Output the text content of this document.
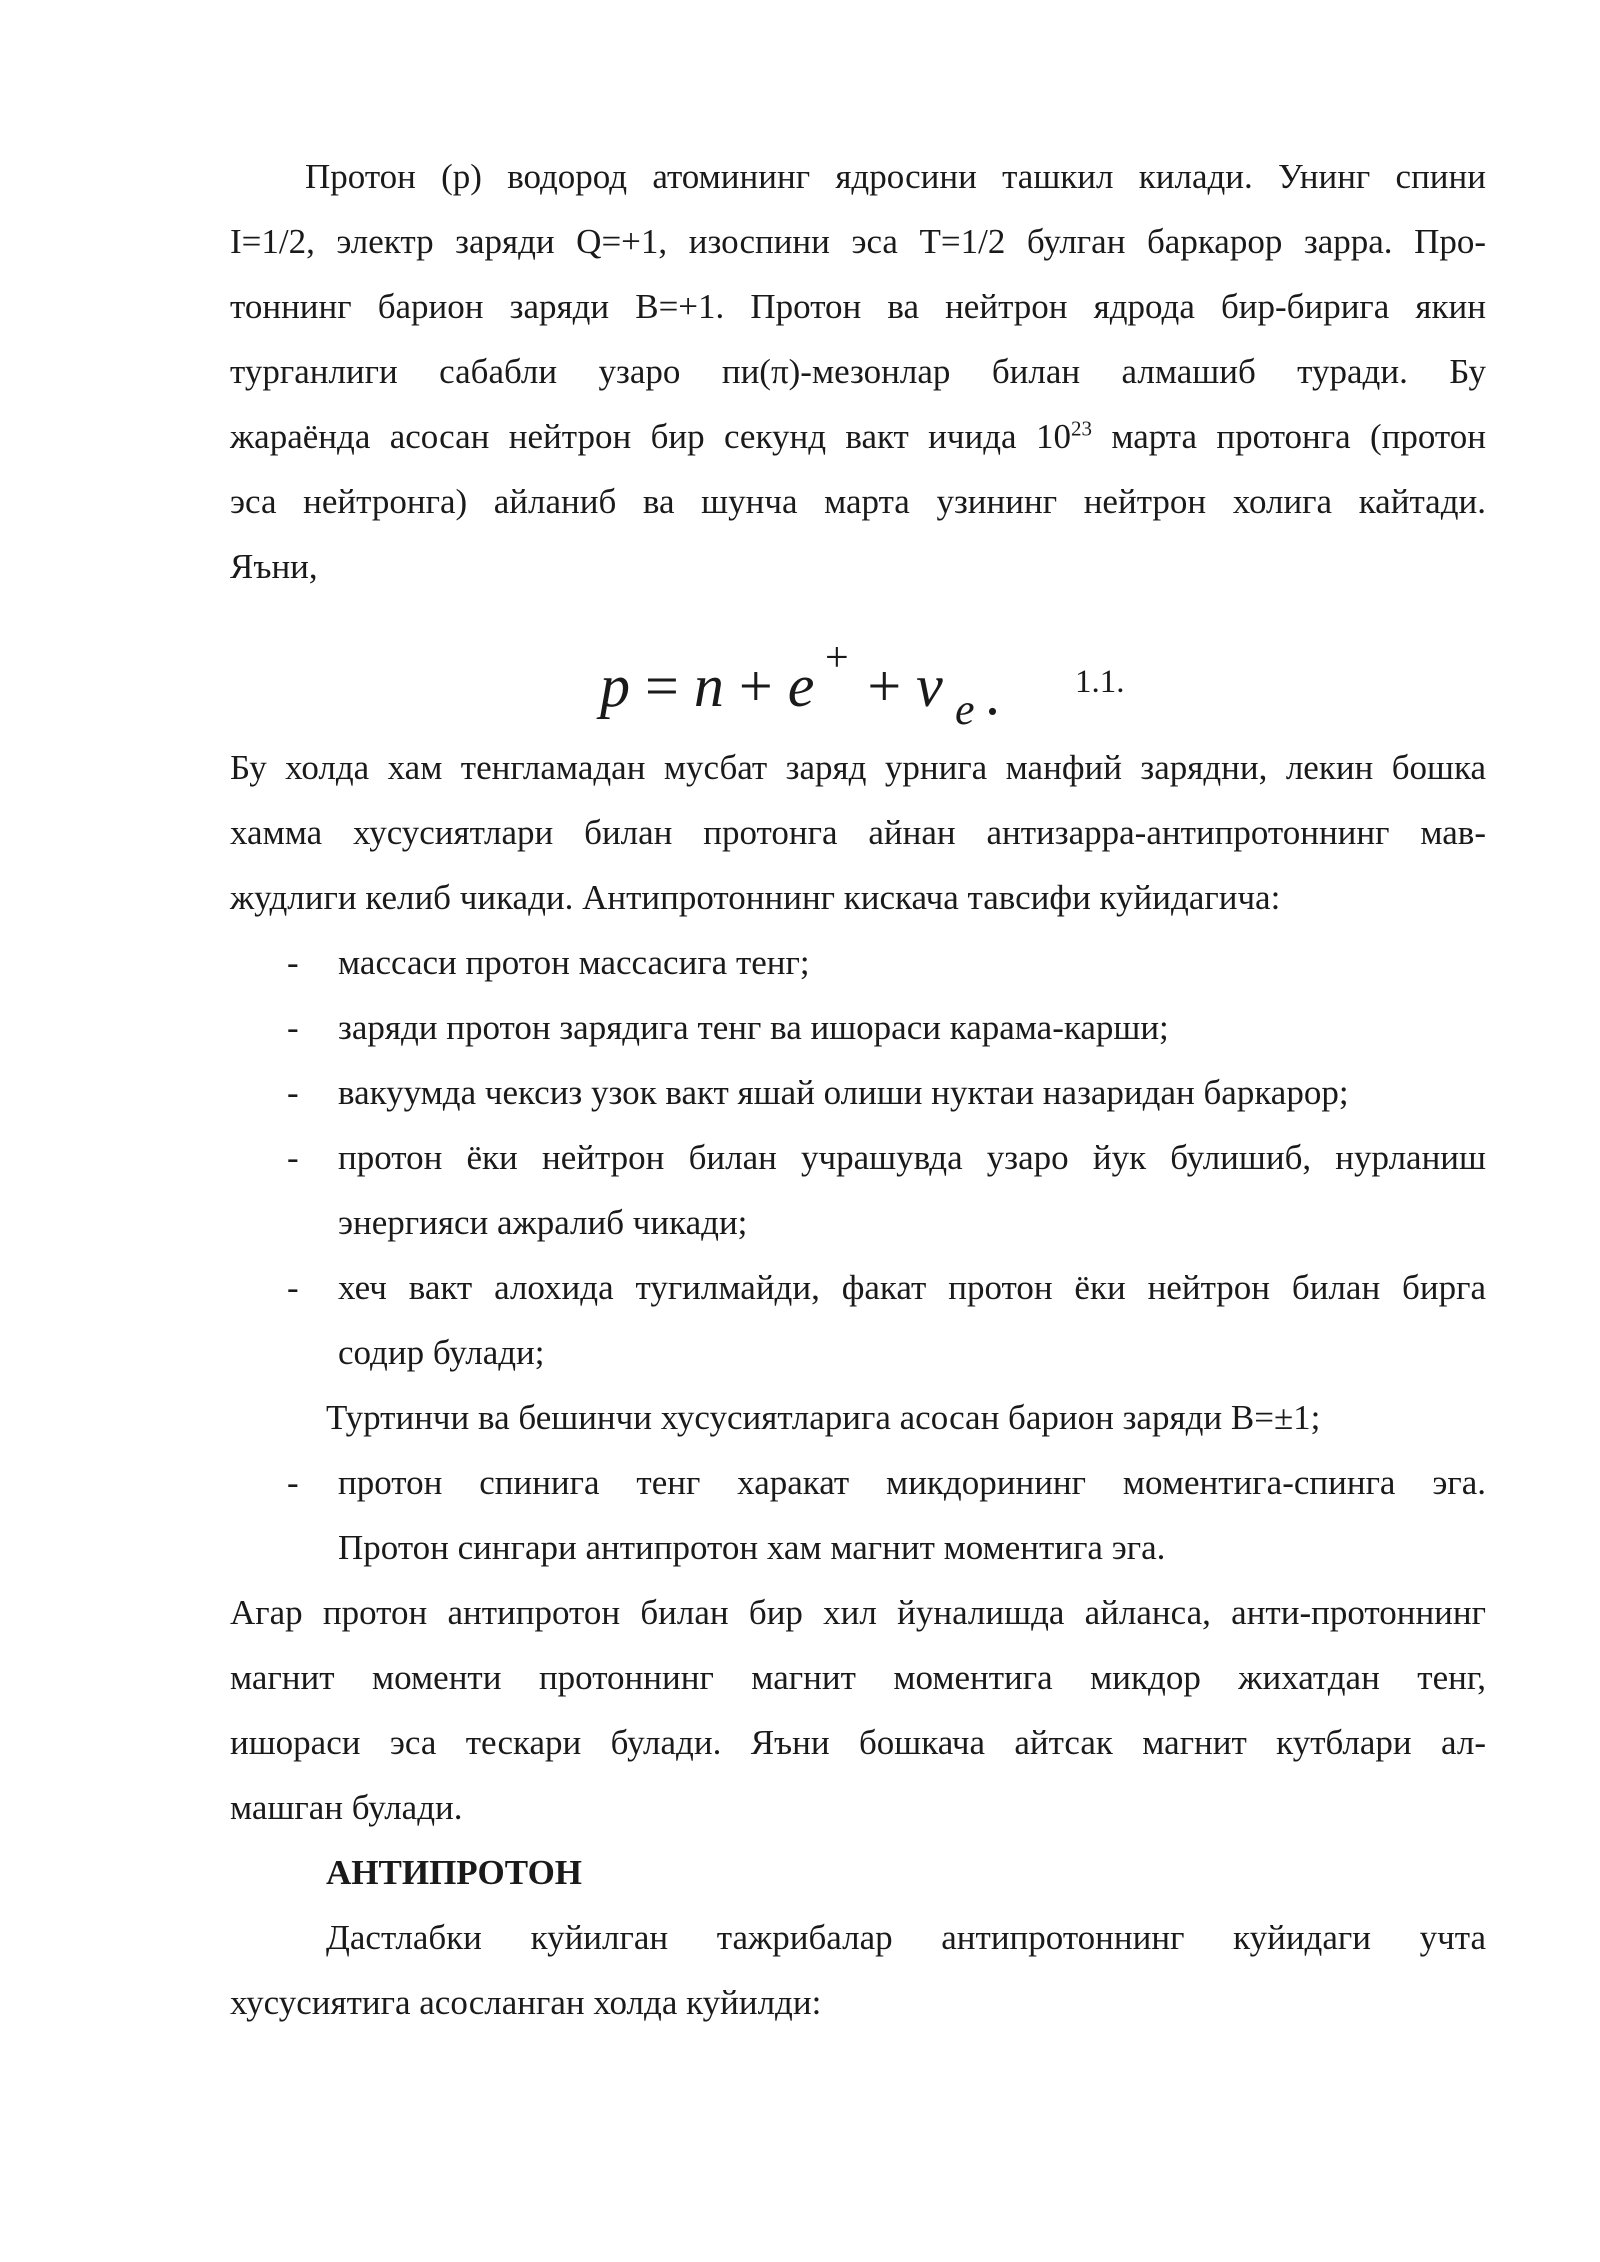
Протон (р) водород атомининг ядросини ташкил килади. Унинг спини
I=1/2, электр заряди Q=+1, изоспини эса Т=1/2 булган баркарор зарра. Про-
тоннинг барион заряди В=+1. Протон ва нейтрон ядрода бир-бирига якин
турганлиги сабабли узаро пи(π)-мезонлар билан алмашиб туради. Бу
жараёнда асосан нейтрон бир секунд вакт ичида $10^{23}$ марта протонга (протон
эса нейтронга) айланиб ва шунча марта узининг нейтрон холига кайтади.
Яъни,
p = n + e + ν
+
e . 1.1.
Бу холда хам тенгламадан мусбат заряд урнига манфий зарядни, лекин бошка
хамма хусусиятлари билан протонга айнан антизарра-антипротоннинг мав-
жудлиги келиб чикади. Антипротоннинг кискача тавсифи куйидагича:
- массаси протон массасига тенг;
- заряди протон зарядига тенг ва ишораси карама-карши;
- вакуумда чексиз узок вакт яшай олиши нуктаи назаридан баркарор;
- протон ёки нейтрон билан учрашувда узаро йук булишиб, нурланиш
энергияси ажралиб чикади;
- хеч вакт алохида тугилмайди, факат протон ёки нейтрон билан бирга
содир булади;
Туртинчи ва бешинчи хусусиятларига асосан барион заряди В=±1;
- протон спинига тенг харакат микдорининг моментига-спинга эга.
Протон сингари антипротон хам магнит моментига эга.
Агар протон антипротон билан бир хил йуналишда айланса, анти-протоннинг
магнит моменти протоннинг магнит моментига микдор жихатдан тенг,
ишораси эса тескари булади. Яъни бошкача айтсак магнит кутблари ал-
машган булади.
АНТИПРОТОН
Дастлабки куйилган тажрибалар антипротоннинг куйидаги учта
хусусиятига асосланган холда куйилди:
